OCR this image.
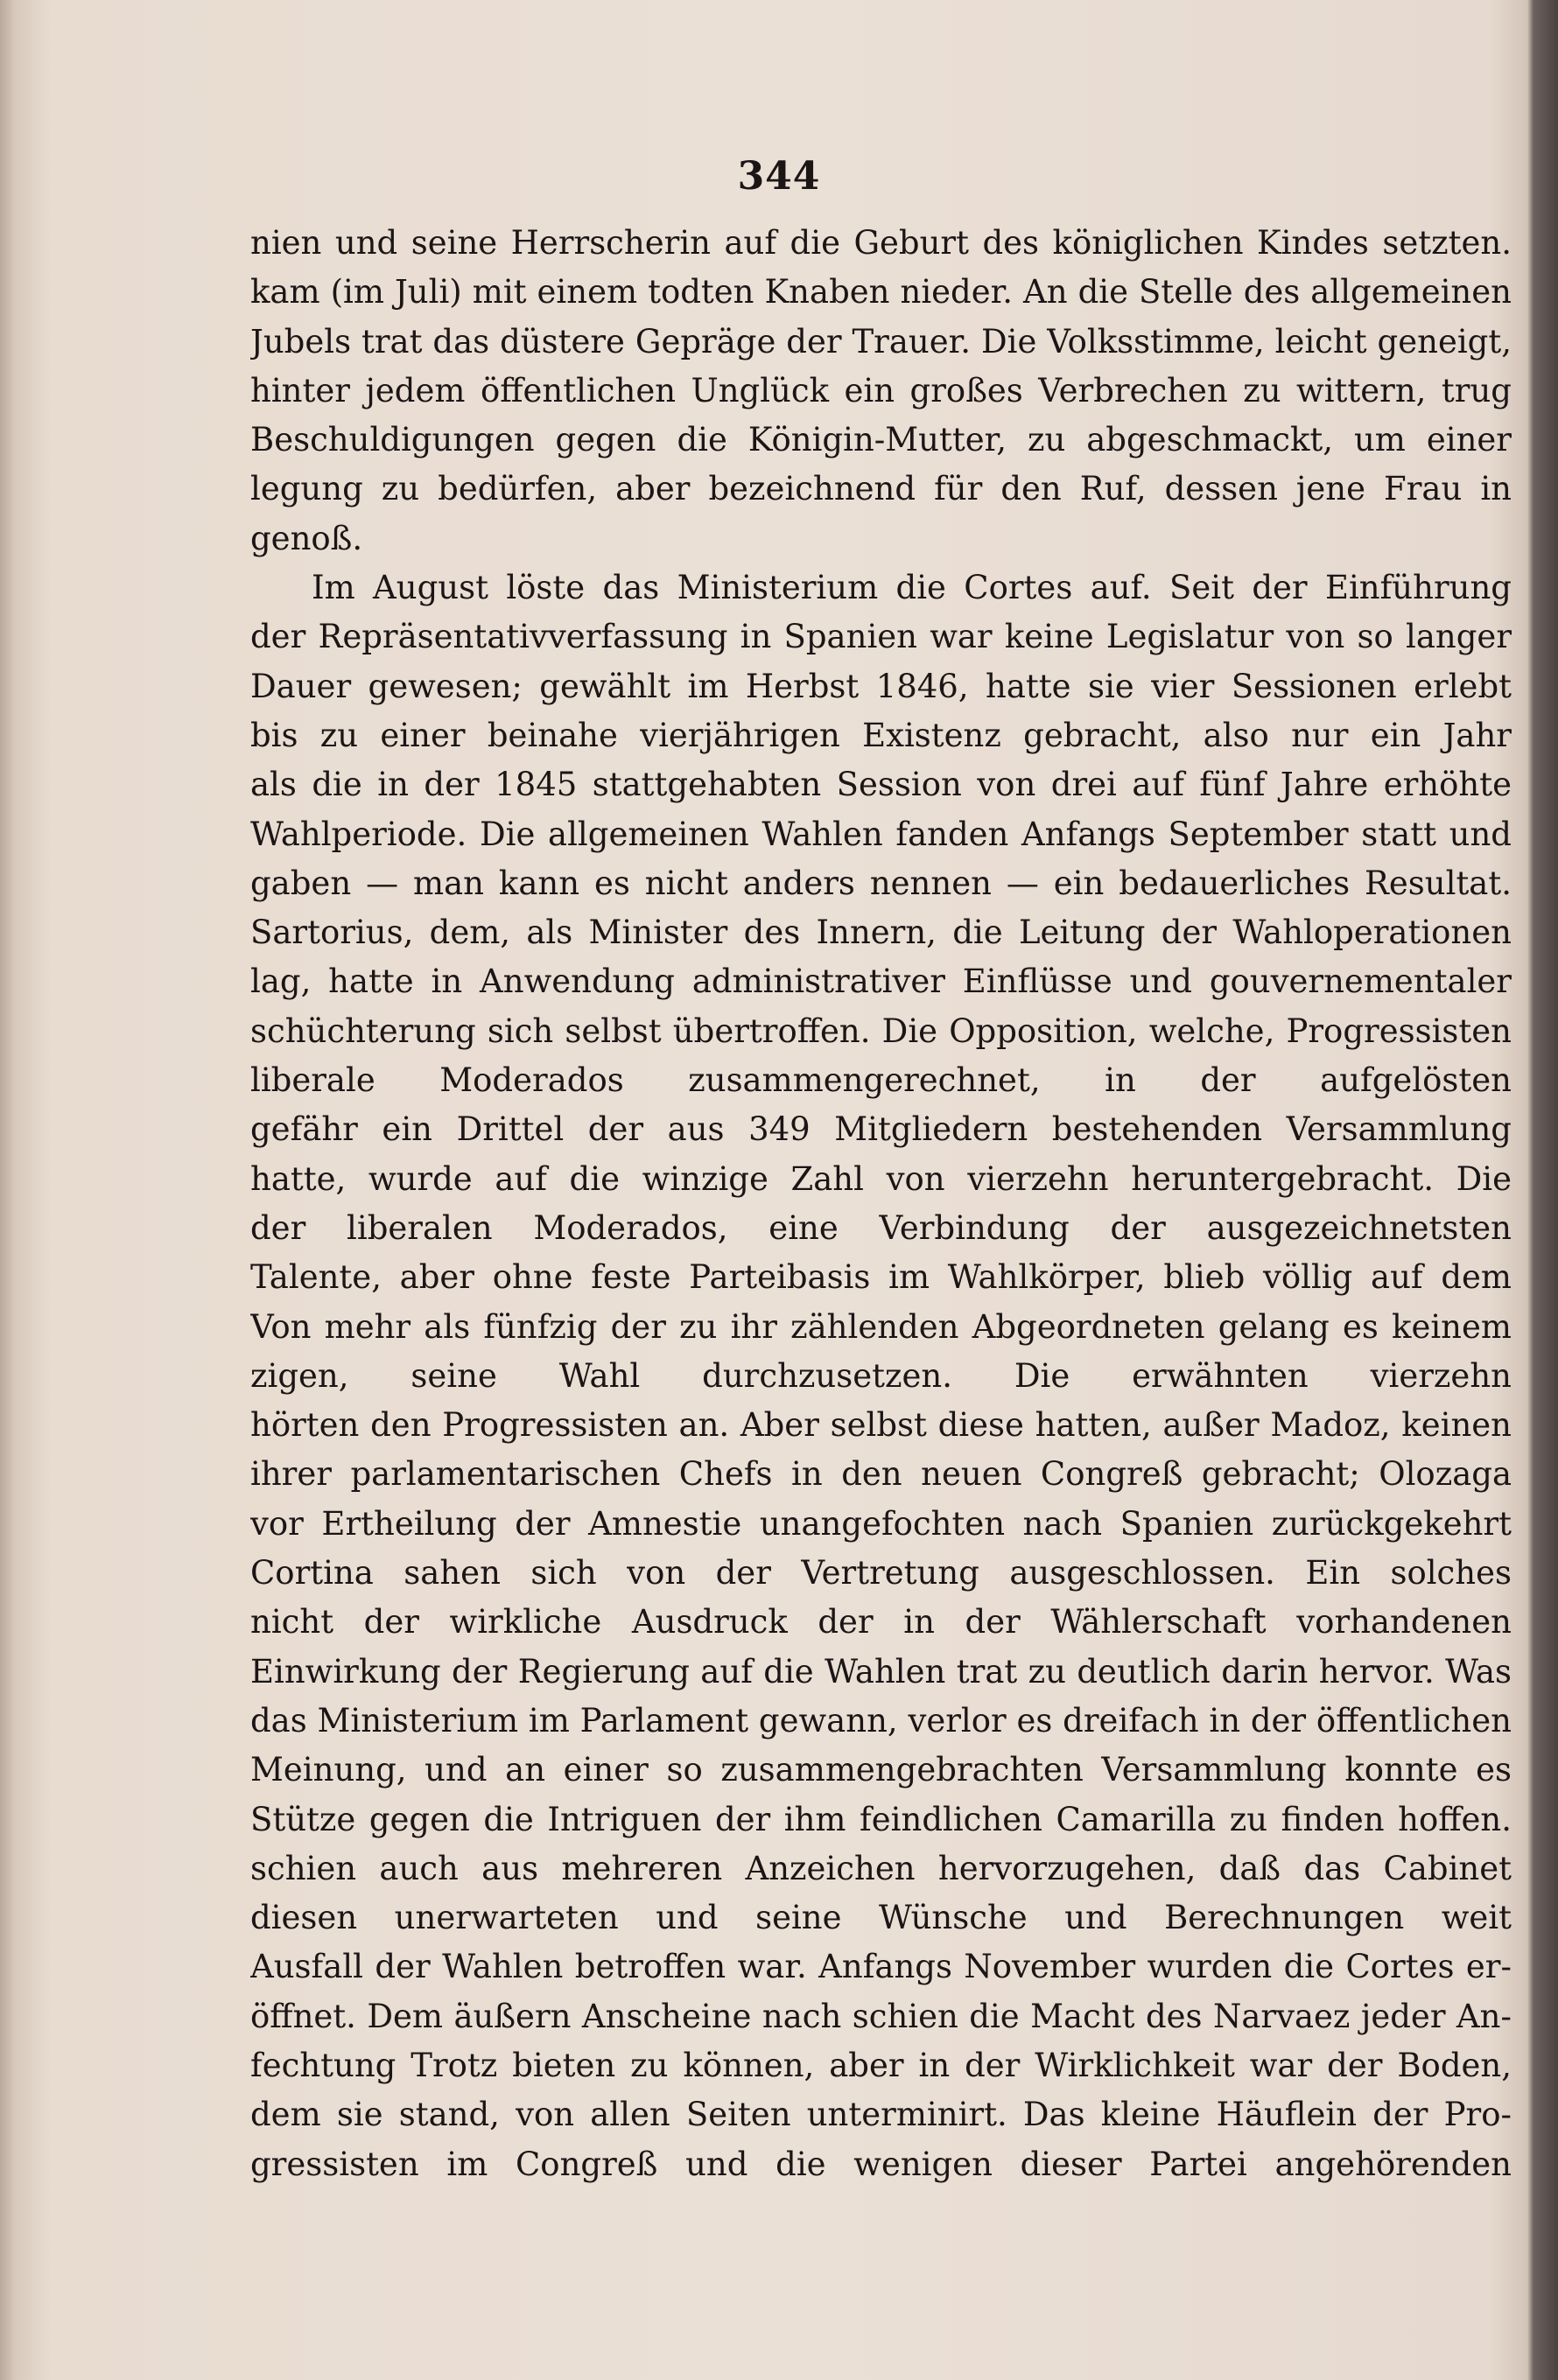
344
nien und seine Herrscherin auf die Geburt des königlichen Kindes setzten.
kam (im Juli) mit einem todten Knaben nieder. An die Stelle des allgemeinen
Jubels trat das düstere Gepräge der Trauer. Die Volksstimme, leicht geneigt,
hinter jedem öffentlichen Unglück ein großes Verbrechen zu wittern, trug
Beschuldigungen gegen die Königin-Mutter, zu abgeschmackt, um einer
legung zu bedürfen, aber bezeichnend für den Ruf, dessen jene Frau in
genoß.
Im August löste das Ministerium die Cortes auf. Seit der Einführung
der Repräsentativverfassung in Spanien war keine Legislatur von so langer
Dauer gewesen; gewählt im Herbst 1846, hatte sie vier Sessionen erlebt
bis zu einer beinahe vierjährigen Existenz gebracht, also nur ein Jahr
als die in der 1845 stattgehabten Session von drei auf fünf Jahre erhöhte
Wahlperiode. Die allgemeinen Wahlen fanden Anfangs September statt und
gaben — man kann es nicht anders nennen — ein bedauerliches Resultat.
Sartorius, dem, als Minister des Innern, die Leitung der Wahloperationen
lag, hatte in Anwendung administrativer Einflüsse und gouvernementaler
schüchterung sich selbst übertroffen. Die Opposition, welche, Progressisten
liberale Moderados zusammengerechnet, in der aufgelösten
gefähr ein Drittel der aus 349 Mitgliedern bestehenden Versammlung
hatte, wurde auf die winzige Zahl von vierzehn heruntergebracht. Die
der liberalen Moderados, eine Verbindung der ausgezeichnetsten
Talente, aber ohne feste Parteibasis im Wahlkörper, blieb völlig auf dem
Von mehr als fünfzig der zu ihr zählenden Abgeordneten gelang es keinem
zigen, seine Wahl durchzusetzen. Die erwähnten vierzehn
hörten den Progressisten an. Aber selbst diese hatten, außer Madoz, keinen
ihrer parlamentarischen Chefs in den neuen Congreß gebracht; Olozaga
vor Ertheilung der Amnestie unangefochten nach Spanien zurückgekehrt
Cortina sahen sich von der Vertretung ausgeschlossen. Ein solches
nicht der wirkliche Ausdruck der in der Wählerschaft vorhandenen
Einwirkung der Regierung auf die Wahlen trat zu deutlich darin hervor. Was
das Ministerium im Parlament gewann, verlor es dreifach in der öffentlichen
Meinung, und an einer so zusammengebrachten Versammlung konnte es
Stütze gegen die Intriguen der ihm feindlichen Camarilla zu finden hoffen.
schien auch aus mehreren Anzeichen hervorzugehen, daß das Cabinet
diesen unerwarteten und seine Wünsche und Berechnungen weit
Ausfall der Wahlen betroffen war. Anfangs November wurden die Cortes er-
öffnet. Dem äußern Anscheine nach schien die Macht des Narvaez jeder An-
fechtung Trotz bieten zu können, aber in der Wirklichkeit war der Boden,
dem sie stand, von allen Seiten unterminirt. Das kleine Häuflein der Pro-
gressisten im Congreß und die wenigen dieser Partei angehörenden
